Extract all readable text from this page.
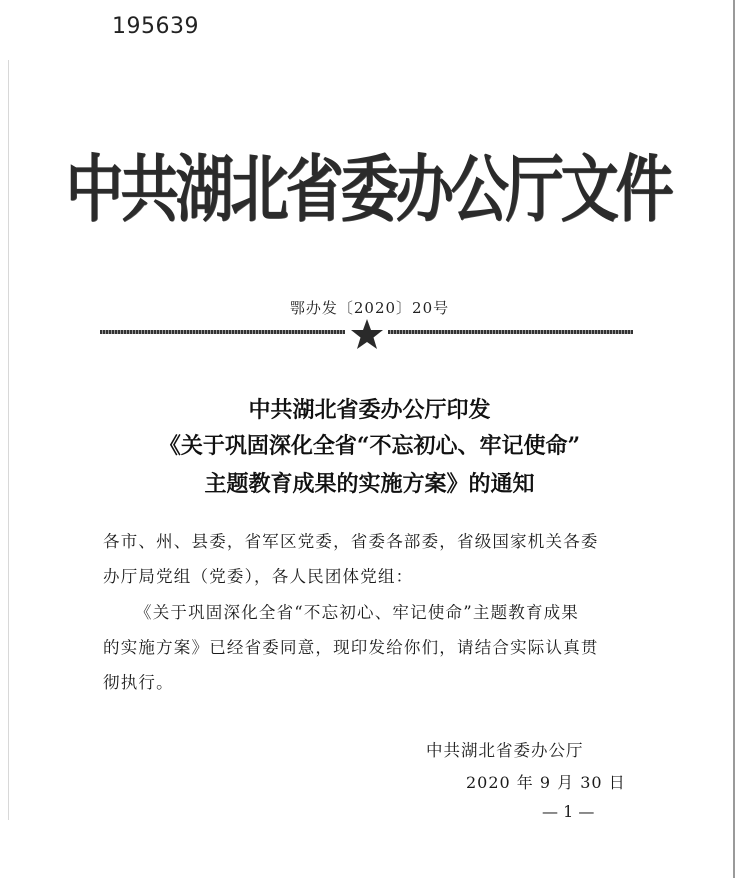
195639
中共湖北省委办公厅文件
鄂办发〔2020〕20号
中共湖北省委办公厅印发
《关于巩固深化全省“不忘初心、牢记使命”
主题教育成果的实施方案》的通知
各市、州、县委，省军区党委，省委各部委，省级国家机关各委
办厅局党组（党委），各人民团体党组：
《关于巩固深化全省“不忘初心、牢记使命”主题教育成果
的实施方案》已经省委同意，现印发给你们，请结合实际认真贯
彻执行。
中共湖北省委办公厅
2020 年 9 月 30 日
— 1 —
